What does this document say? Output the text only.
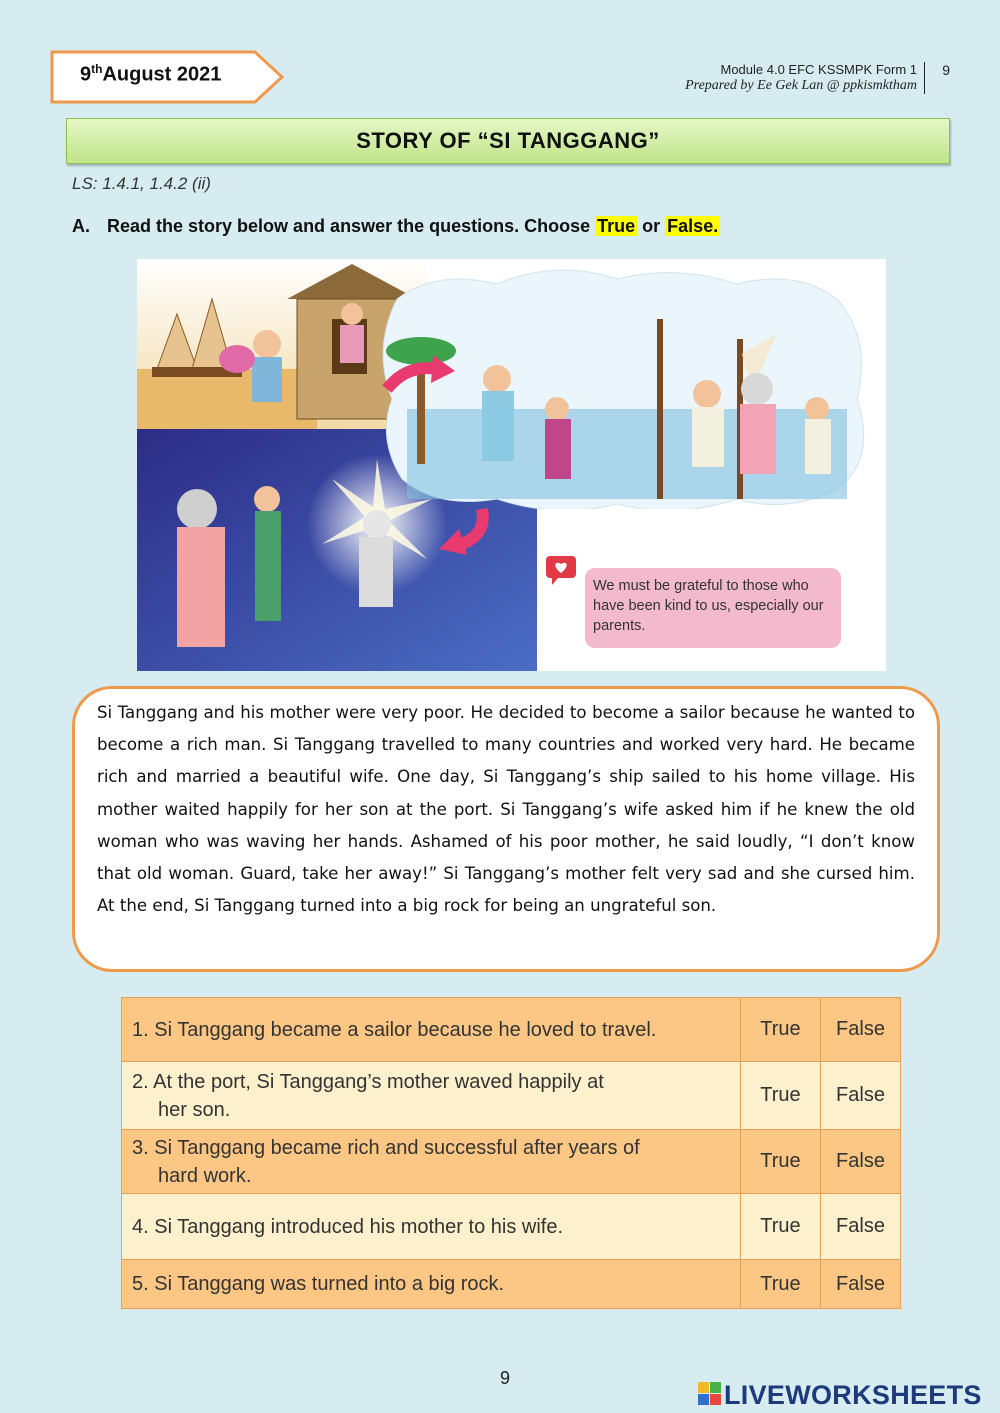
9thAugust 2021	Module 4.0 EFC KSSMPK Form 1
Prepared by Ee Gek Lan @ ppkismktham
9
STORY OF “SI TANGGANG”
LS: 1.4.1, 1.4.2 (ii)
A. Read the story below and answer the questions. Choose True or False.
We must be grateful to those who have been kind to us, especially our parents.
Si Tanggang and his mother were very poor. He decided to become a sailor because he wanted to become a rich man. Si Tanggang travelled to many countries and worked very hard. He became rich and married a beautiful wife. One day, Si Tanggang’s ship sailed to his home village. His mother waited happily for her son at the port. Si Tanggang’s wife asked him if he knew the old woman who was waving her hands. Ashamed of his poor mother, he said loudly, “I don’t know that old woman. Guard, take her away!” Si Tanggang’s mother felt very sad and she cursed him. At the end, Si Tanggang turned into a big rock for being an ungrateful son.
1. Si Tanggang became a sailor because he loved to travel.	True	False

2. At the port, Si Tanggang’s mother waved happily at
her son.	True	False

3. Si Tanggang became rich and successful after years of
hard work.	True	False
4. Si Tanggang introduced his mother to his wife.	True	False
5. Si Tanggang was turned into a big rock.	True	False
9
LIVEWORKSHEETS
